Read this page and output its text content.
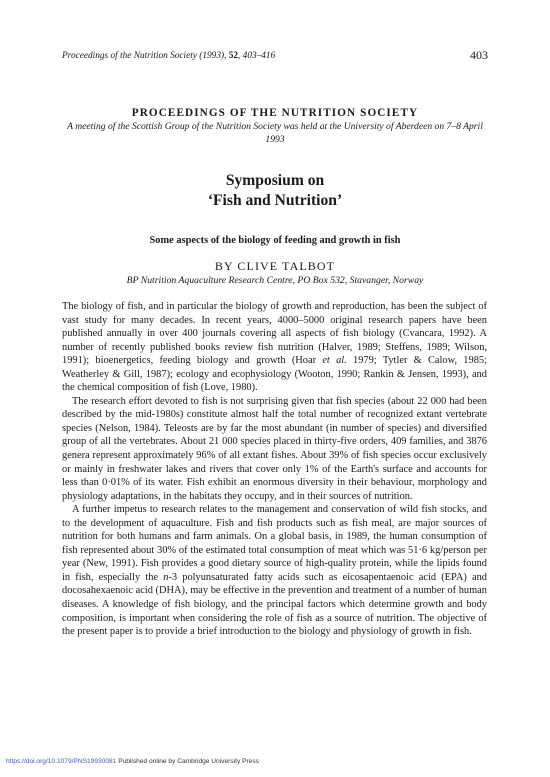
Proceedings of the Nutrition Society (1993), 52, 403–416	403
PROCEEDINGS OF THE NUTRITION SOCIETY
A meeting of the Scottish Group of the Nutrition Society was held at the University of Aberdeen on 7–8 April 1993
Symposium on
‘Fish and Nutrition’
Some aspects of the biology of feeding and growth in fish
BY CLIVE TALBOT
BP Nutrition Aquaculture Research Centre, PO Box 532, Stavanger, Norway

The biology of fish, and in particular the biology of growth and reproduction, has been the subject of vast study for many decades. In recent years, 4000–5000 original research papers have been published annually in over 400 journals covering all aspects of fish biology (Cvancara, 1992). A number of recently published books review fish nutrition (Halver, 1989; Steffens, 1989; Wilson, 1991); bioenergetics, feeding biology and growth (Hoar et al. 1979; Tytler & Calow, 1985; Weatherley & Gill, 1987); ecology and ecophysiology (Wooton, 1990; Rankin & Jensen, 1993), and the chemical composition of fish (Love, 1980).

The research effort devoted to fish is not surprising given that fish species (about 22 000 had been described by the mid-1980s) constitute almost half the total number of recognized extant vertebrate species (Nelson, 1984). Teleosts are by far the most abundant (in number of species) and diversified group of all the vertebrates. About 21 000 species placed in thirty-five orders, 409 families, and 3876 genera represent approximately 96% of all extant fishes. About 39% of fish species occur exclusively or mainly in freshwater lakes and rivers that cover only 1% of the Earth's surface and accounts for less than 0·01% of its water. Fish exhibit an enormous diversity in their behaviour, morphology and physiology adaptations, in the habitats they occupy, and in their sources of nutrition.

A further impetus to research relates to the management and conservation of wild fish stocks, and to the development of aquaculture. Fish and fish products such as fish meal, are major sources of nutrition for both humans and farm animals. On a global basis, in 1989, the human consumption of fish represented about 30% of the estimated total consumption of meat which was 51·6 kg/person per year (New, 1991). Fish provides a good dietary source of high-quality protein, while the lipids found in fish, especially the n-3 polyunsaturated fatty acids such as eicosapentaenoic acid (EPA) and docosahexaenoic acid (DHA), may be effective in the prevention and treatment of a number of human diseases. A knowledge of fish biology, and the principal factors which determine growth and body composition, is important when considering the role of fish as a source of nutrition. The objective of the present paper is to provide a brief introduction to the biology and physiology of growth in fish.

https://doi.org/10.1079/PNS19930081 Published online by Cambridge University Press
